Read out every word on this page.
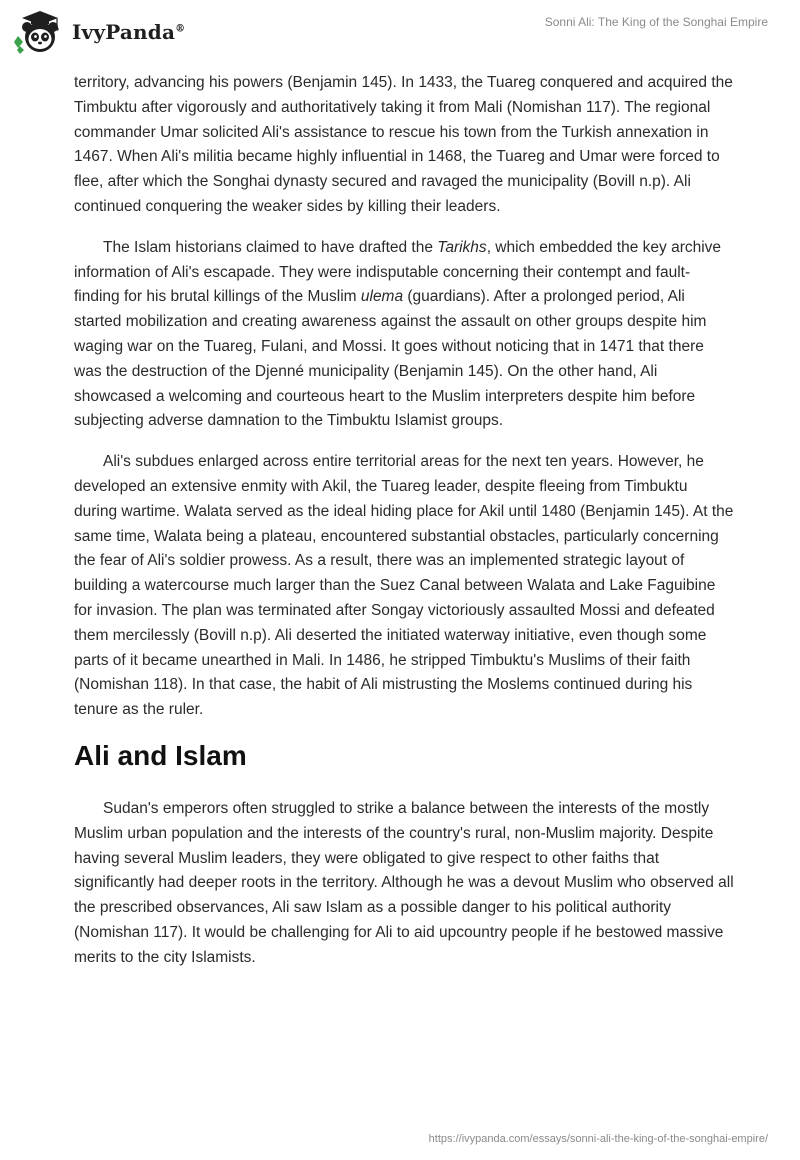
IvyPanda®	Sonni Ali: The King of the Songhai Empire

territory, advancing his powers (Benjamin 145). In 1433, the Tuareg conquered and acquired the Timbuktu after vigorously and authoritatively taking it from Mali (Nomishan 117). The regional commander Umar solicited Ali's assistance to rescue his town from the Turkish annexation in 1467. When Ali's militia became highly influential in 1468, the Tuareg and Umar were forced to flee, after which the Songhai dynasty secured and ravaged the municipality (Bovill n.p). Ali continued conquering the weaker sides by killing their leaders.

The Islam historians claimed to have drafted the Tarikhs, which embedded the key archive information of Ali's escapade. They were indisputable concerning their contempt and fault-finding for his brutal killings of the Muslim ulema (guardians). After a prolonged period, Ali started mobilization and creating awareness against the assault on other groups despite him waging war on the Tuareg, Fulani, and Mossi. It goes without noticing that in 1471 that there was the destruction of the Djenné municipality (Benjamin 145). On the other hand, Ali showcased a welcoming and courteous heart to the Muslim interpreters despite him before subjecting adverse damnation to the Timbuktu Islamist groups.

Ali's subdues enlarged across entire territorial areas for the next ten years. However, he developed an extensive enmity with Akil, the Tuareg leader, despite fleeing from Timbuktu during wartime. Walata served as the ideal hiding place for Akil until 1480 (Benjamin 145). At the same time, Walata being a plateau, encountered substantial obstacles, particularly concerning the fear of Ali's soldier prowess. As a result, there was an implemented strategic layout of building a watercourse much larger than the Suez Canal between Walata and Lake Faguibine for invasion. The plan was terminated after Songay victoriously assaulted Mossi and defeated them mercilessly (Bovill n.p). Ali deserted the initiated waterway initiative, even though some parts of it became unearthed in Mali. In 1486, he stripped Timbuktu's Muslims of their faith (Nomishan 118). In that case, the habit of Ali mistrusting the Moslems continued during his tenure as the ruler.

Ali and Islam

Sudan's emperors often struggled to strike a balance between the interests of the mostly Muslim urban population and the interests of the country's rural, non-Muslim majority. Despite having several Muslim leaders, they were obligated to give respect to other faiths that significantly had deeper roots in the territory. Although he was a devout Muslim who observed all the prescribed observances, Ali saw Islam as a possible danger to his political authority (Nomishan 117). It would be challenging for Ali to aid upcountry people if he bestowed massive merits to the city Islamists.

https://ivypanda.com/essays/sonni-ali-the-king-of-the-songhai-empire/
